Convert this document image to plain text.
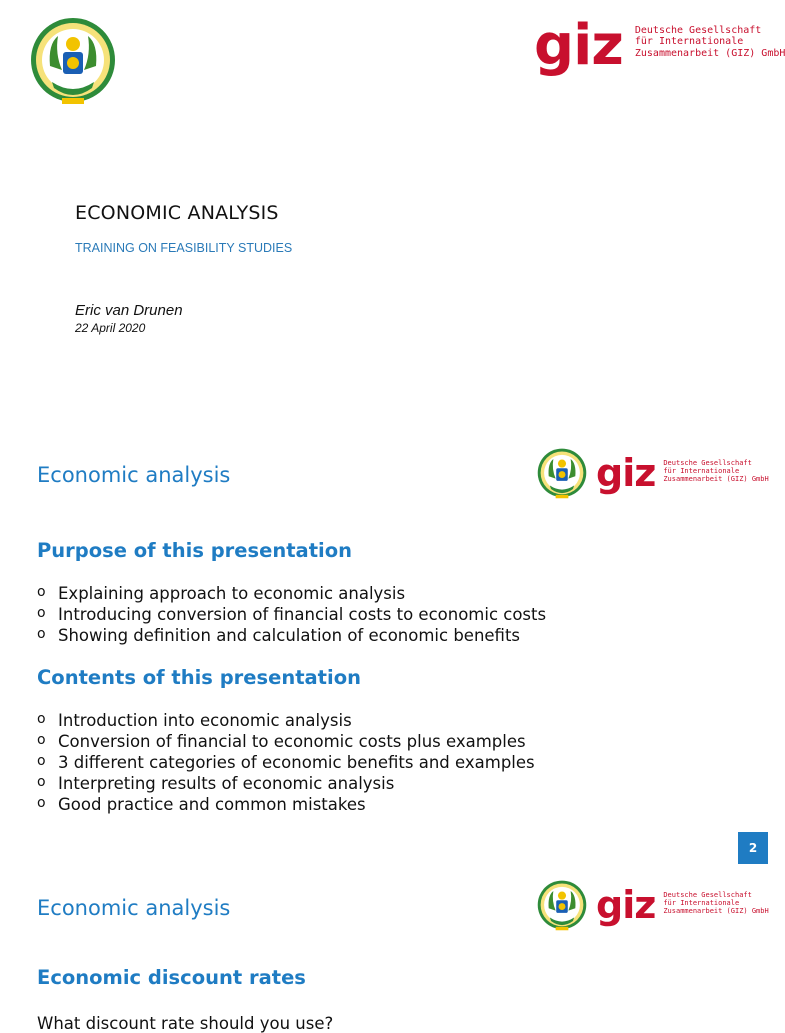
giz Deutsche Gesellschaft
für Internationale
Zusammenarbeit (GIZ) GmbH
ECONOMIC ANALYSIS
TRAINING ON FEASIBILITY STUDIES
Eric van Drunen
22 April 2020
Economic analysis	giz Deutsche Gesellschaft
für Internationale
Zusammenarbeit (GIZ) GmbH
Purpose of this presentation
o Explaining approach to economic analysis
o Introducing conversion of financial costs to economic costs
o Showing definition and calculation of economic benefits
Contents of this presentation
o Introduction into economic analysis
o Conversion of financial to economic costs plus examples
o 3 different categories of economic benefits and examples
o Interpreting results of economic analysis
o Good practice and common mistakes
2
Economic analysis	giz Deutsche Gesellschaft
für Internationale
Zusammenarbeit (GIZ) GmbH
Economic discount rates
What discount rate should you use?
